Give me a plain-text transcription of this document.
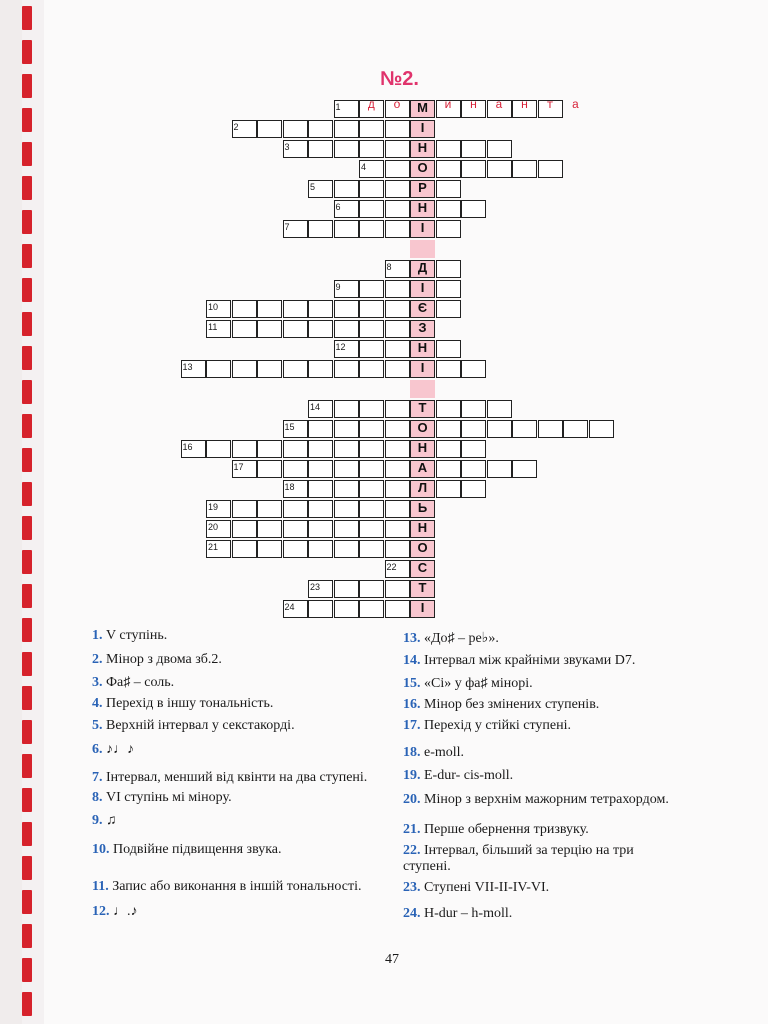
№2.
1
2
3
4
5
6
7
8
9
10
11
12
13
14
15
16
17
18
19
20
21
22
23
24
М
І
Н
О
Р
Н
І
Д
І
Є
З
Н
І
Т
О
Н
А
Л
Ь
Н
О
С
Т
І
д	о	и	н	а	н	т	а
1. V ступінь.
2. Мінор з двома зб.2.
3. Фа♯ – соль.
4. Перехід в іншу тональність.
5. Верхній інтервал у секстакорді.
6. ♪♩♪
7. Інтервал, менший від квінти на два ступені.
8. VI ступінь мі мінору.
9. ♫
10. Подвійне підвищення звука.
11. Запис або виконання в іншій тональності.
12. ♩.♪
13. «До♯ – ре♭».
14. Інтервал між крайніми звуками D7.
15. «Сі» у фа♯ мінорі.
16. Мінор без змінених ступенів.
17. Перехід у стійкі ступені.
18. e-moll.
19. E-dur- cis-moll.
20. Мінор з верхнім мажорним тетрахордом.
21. Перше обернення тризвуку.
22. Інтервал, більший за терцію на три
ступені.
23. Ступені VII-II-IV-VI.
24. H-dur – h-moll.
47
